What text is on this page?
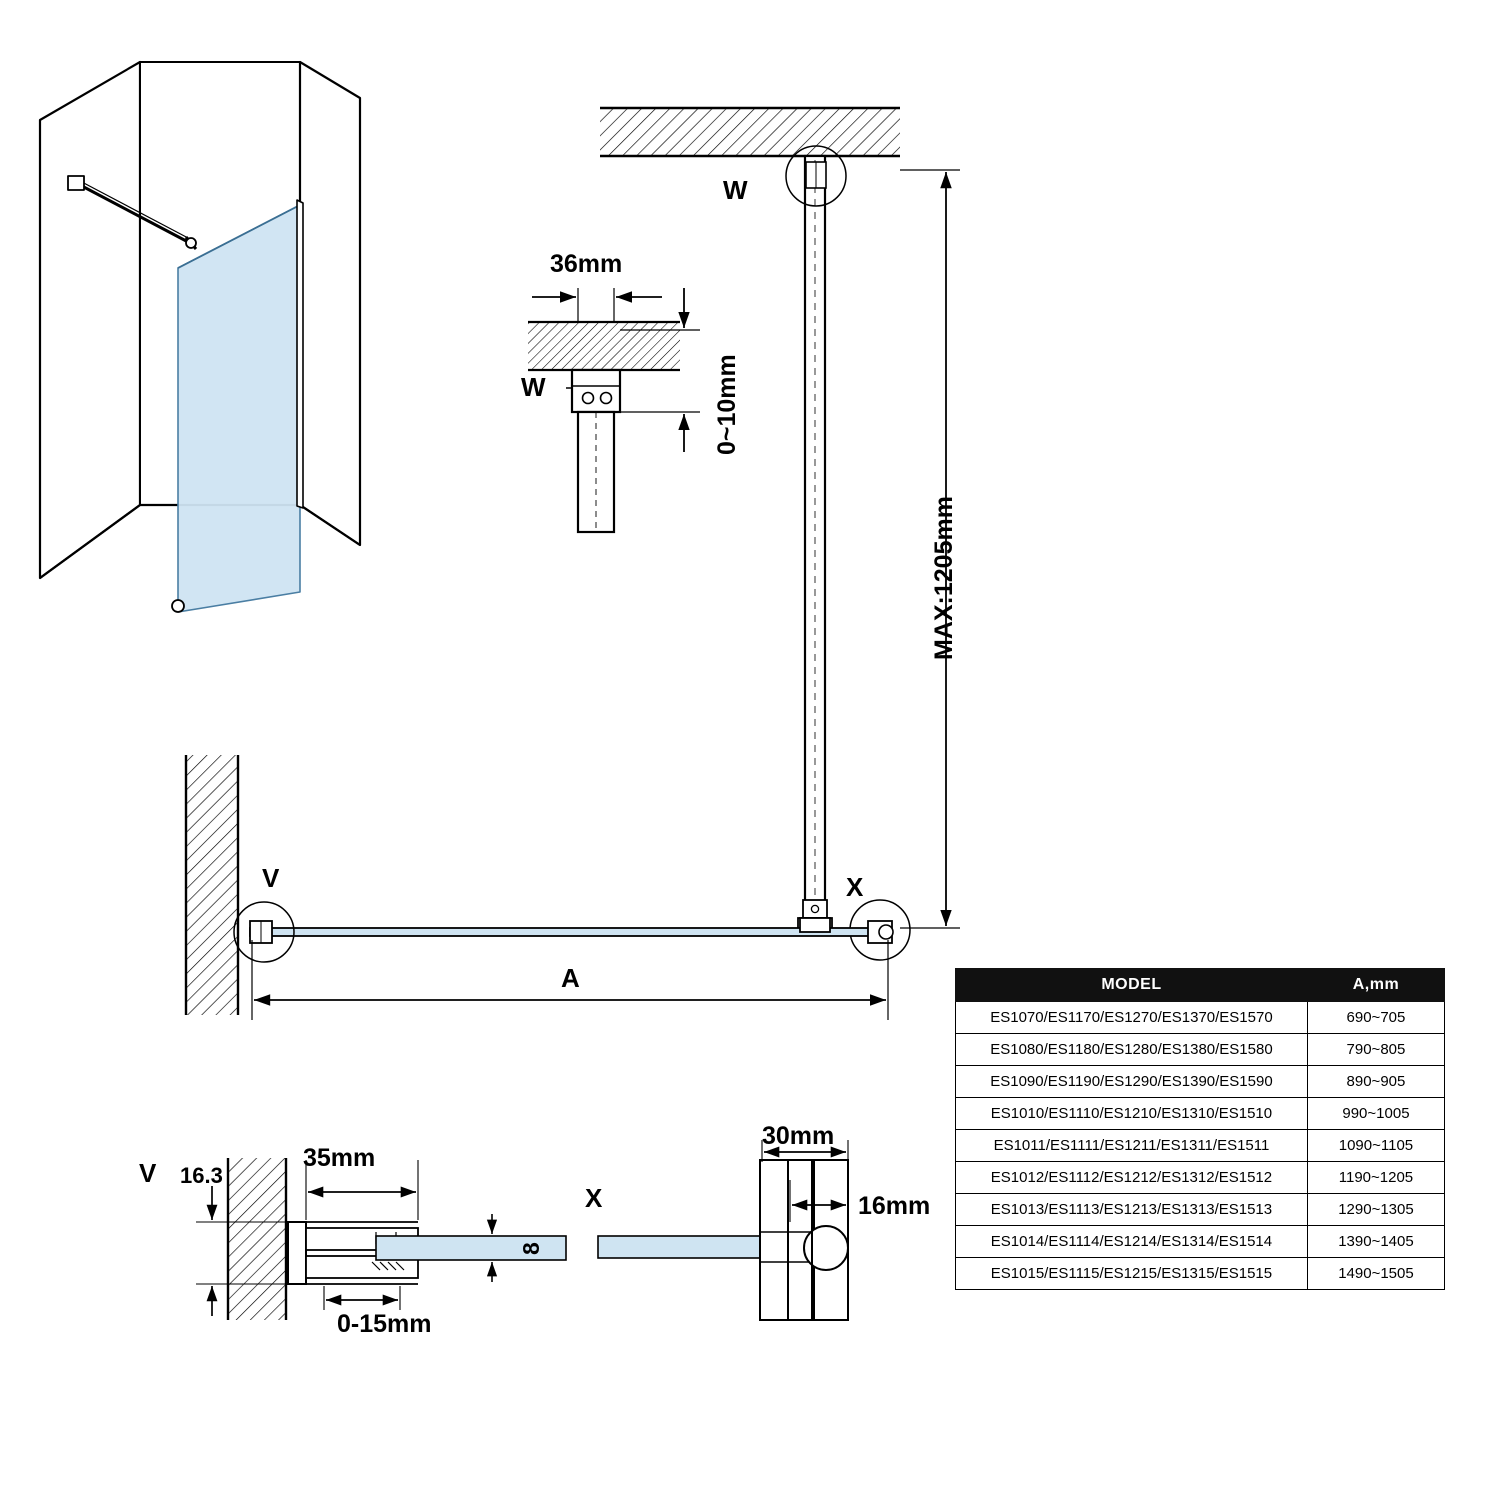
W
W
36mm
0~10mm
MAX:1205mm
V	X
A
V 16.3
35mm
8
0-15mm
X
30mm
16mm
MODEL	A,mm
ES1070/ES1170/ES1270/ES1370/ES1570	690~705
ES1080/ES1180/ES1280/ES1380/ES1580	790~805
ES1090/ES1190/ES1290/ES1390/ES1590	890~905
ES1010/ES1110/ES1210/ES1310/ES1510	990~1005
ES1011/ES1111/ES1211/ES1311/ES1511	1090~1105
ES1012/ES1112/ES1212/ES1312/ES1512	1190~1205
ES1013/ES1113/ES1213/ES1313/ES1513	1290~1305
ES1014/ES1114/ES1214/ES1314/ES1514	1390~1405
ES1015/ES1115/ES1215/ES1315/ES1515	1490~1505
